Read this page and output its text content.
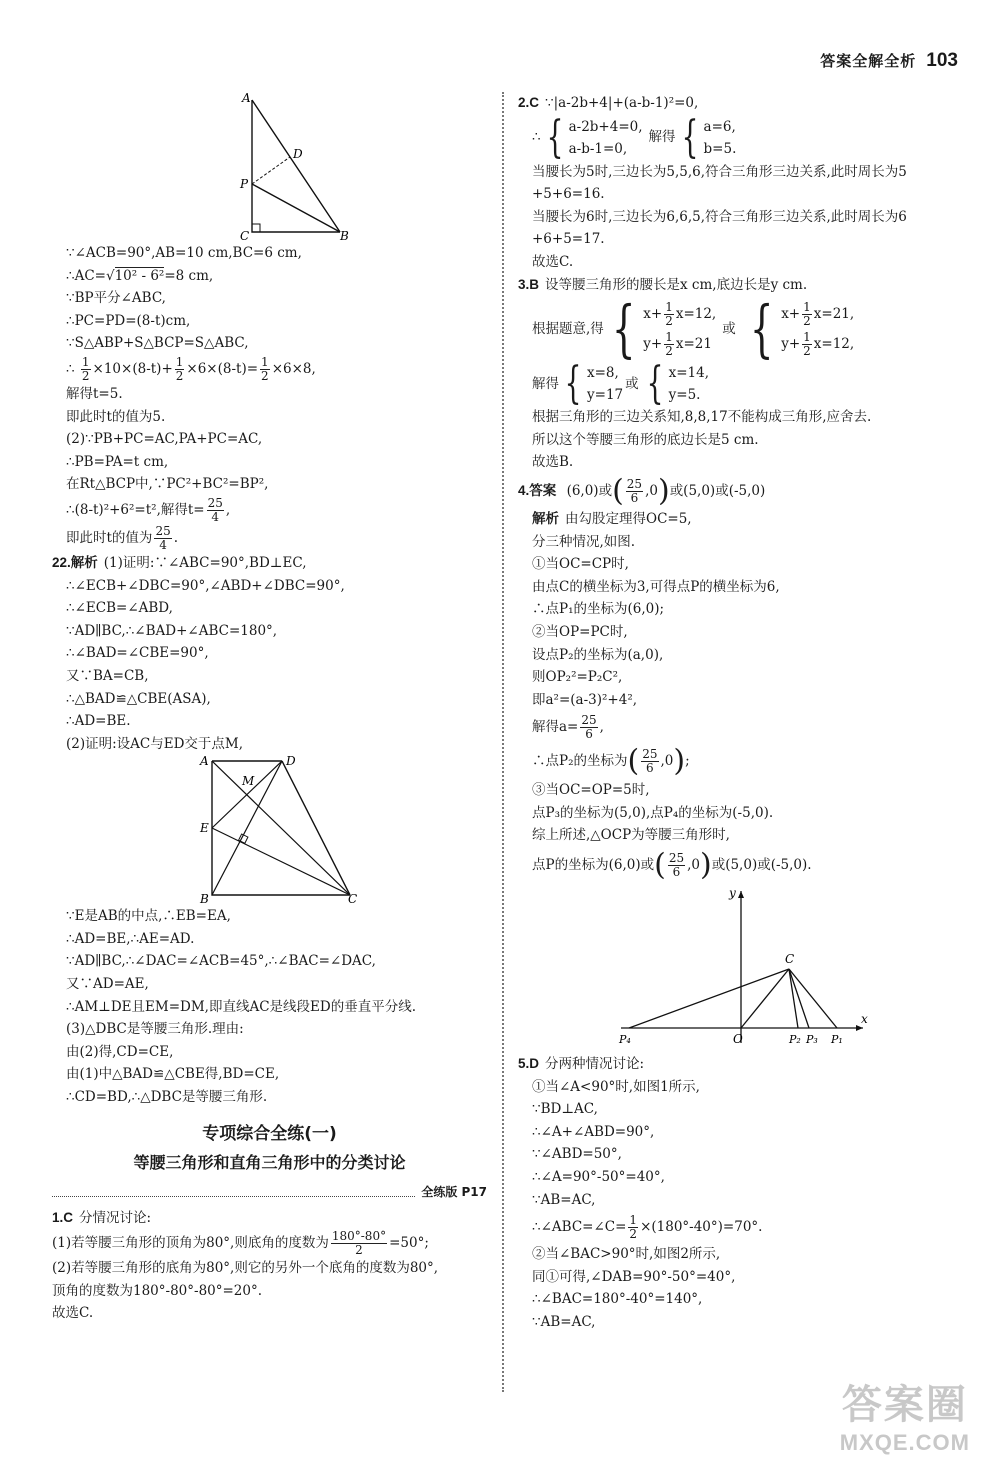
答案全解全析 103
A
D
P
C	B
∵∠ACB=90°,AB=10 cm,BC=6 cm,
∴AC=√10² - 6²=8 cm,
∵BP平分∠ABC,
∴PC=PD=(8-t)cm,
∵S△ABP+S△BCP=S△ABC,
∴ $\frac{1}{2} \times 10\times(8-t)+ \frac{1}{2} \times 6\times(8-t)= \frac{1}{2} \times 6\times 8$,
解得t=5.
即此时t的值为5.
(2)∵PB+PC=AC,PA+PC=AC,
∴PB=PA=t cm,
在Rt△BCP中,∵PC²+BC²=BP²,
∴(8-t)²+6²=t²,解得$t= \frac{25}{4}$ ,
即此时t的值为 $\frac{25}{4}$ .
22.解析 (1)证明:∵∠ABC=90°,BD⊥EC,
∴∠ECB+∠DBC=90°,∠ABD+∠DBC=90°,
∴∠ECB=∠ABD,
∵AD∥BC,∴∠BAD+∠ABC=180°,
∴∠BAD=∠CBE=90°,
又∵BA=CB,
∴△BAD≌△CBE(ASA),
∴AD=BE.
(2)证明:设AC与ED交于点M,
A	D
M
E
B	C
∵E是AB的中点,∴EB=EA,
∴AD=BE,∴AE=AD.
∵AD∥BC,∴∠DAC=∠ACB=45°,∴∠BAC=∠DAC,
又∵AD=AE,
∴AM⊥DE且EM=DM,即直线AC是线段ED的垂直平分线.
(3)△DBC是等腰三角形.理由:
由(2)得,CD=CE,
由(1)中△BAD≌△CBE得,BD=CE,
∴CD=BD,∴△DBC是等腰三角形.
专项综合全练(一)
等腰三角形和直角三角形中的分类讨论
全练版 P17
1.C 分情况讨论:
(1)若等腰三角形的顶角为80°,则底角的度数为 $\frac{180^\circ-80^\circ}{2} =50^\circ$;
(2)若等腰三角形的底角为80°,则它的另外一个底角的度数为80°,
顶角的度数为180°-80°-80°=20°.
故选C.
2.C ∵|a-2b+4|+(a-b-1)²=0,
∴ { a-2b+4=0,
a-b-1=0,
解得 { a=6,
b=5.
当腰长为5时,三边长为5,5,6,符合三角形三边关系,此时周长为5
+5+6=16.
当腰长为6时,三边长为6,6,5,符合三角形三边关系,此时周长为6
+6+5=17.
故选C.
3.B 设等腰三角形的腰长是x cm,底边长是y cm.
根据题意,得 { $x+ \frac{1}{2} x=12$,
$y+ \frac{1}{2} x=21$
或 { $x+ \frac{1}{2} x=21$,
$y+ \frac{1}{2} x=12$,
解得 { x=8,
y=17
或 { x=14,
y=5.
根据三角形的三边关系知,8,8,17不能构成三角形,应舍去.
所以这个等腰三角形的底边长是5 cm.
故选B.
4.答案 (6,0)或( $\frac{25}{6} ,0$)或(5,0)或(-5,0)
解析 由勾股定理得OC=5,
分三种情况,如图.
①当OC=CP时,
由点C的横坐标为3,可得点P的横坐标为6,
∴点P₁的坐标为(6,0);
②当OP=PC时,
设点P₂的坐标为(a,0),
则OP₂²=P₂C²,
即a²=(a-3)²+4²,
解得$a= \frac{25}{6}$ ,
∴点P₂的坐标为( $\frac{25}{6} ,0$);
③当OC=OP=5时,
点P₃的坐标为(5,0),点P₄的坐标为(-5,0).
综上所述,△OCP为等腰三角形时,
点P的坐标为(6,0)或( $\frac{25}{6} ,0$)或(5,0)或(-5,0).
y
x
O
C
P₄	P₂ P₃ P₁
5.D 分两种情况讨论:
①当∠A<90°时,如图1所示,
∵BD⊥AC,
∴∠A+∠ABD=90°,
∵∠ABD=50°,
∴∠A=90°-50°=40°,
∵AB=AC,
∴∠ABC=∠C= $\frac{1}{2} \times(180^\circ-40^\circ)=70^\circ$.
②当∠BAC>90°时,如图2所示,
同①可得,∠DAB=90°-50°=40°,
∴∠BAC=180°-40°=140°,
∵AB=AC,
答案圈
MXQE.COM
